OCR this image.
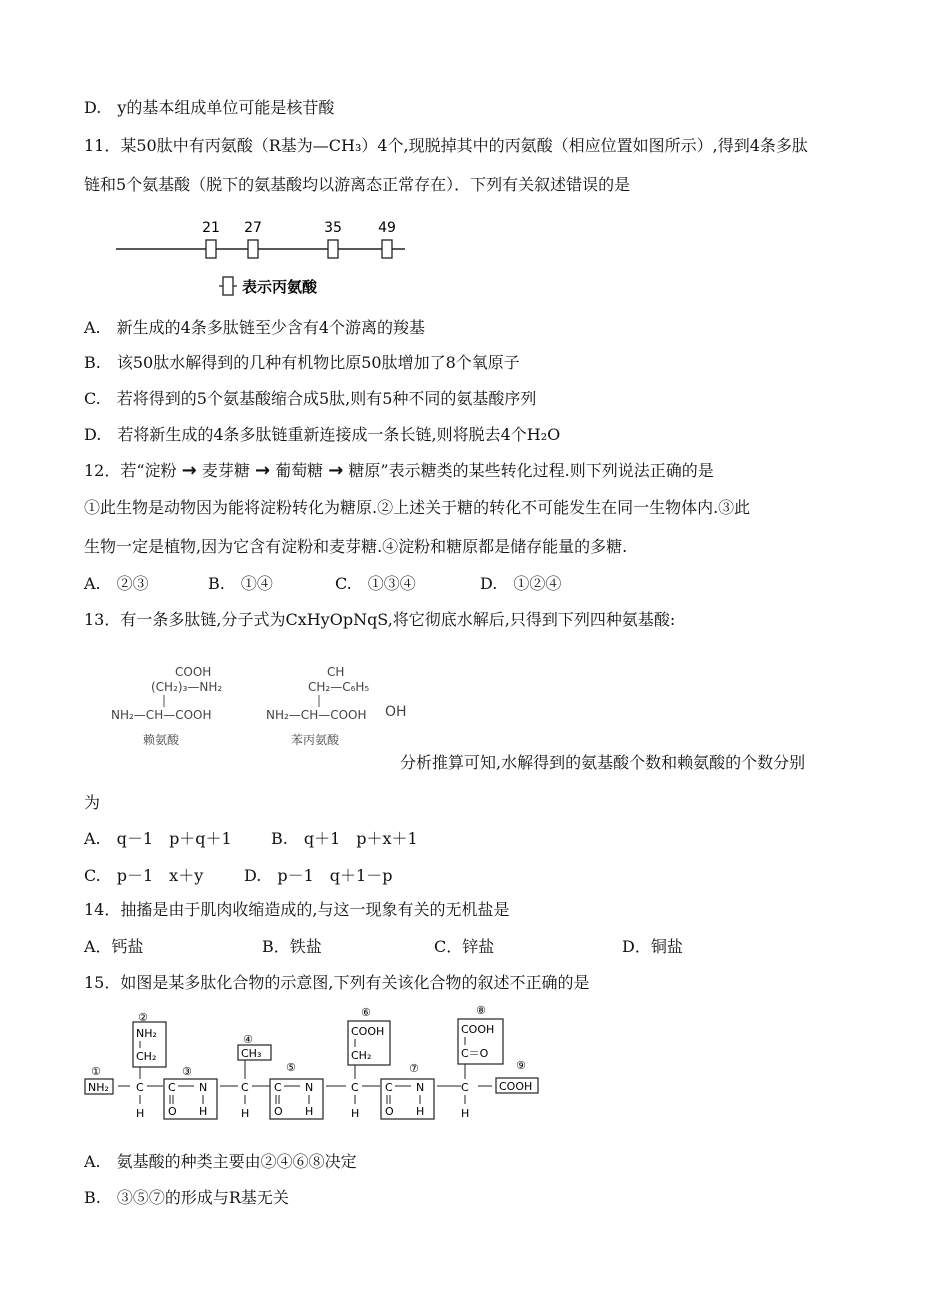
D.　y的基本组成单位可能是核苷酸
11．某50肽中有丙氨酸（R基为—CH₃）4个,现脱掉其中的丙氨酸（相应位置如图所示）,得到4条多肽
链和5个氨基酸（脱下的氨基酸均以游离态正常存在）．下列有关叙述错误的是
21 27	35	49
表示丙氨酸
A.　新生成的4条多肽链至少含有4个游离的羧基
B.　该50肽水解得到的几种有机物比原50肽增加了8个氧原子
C.　若将得到的5个氨基酸缩合成5肽,则有5种不同的氨基酸序列
D.　若将新生成的4条多肽链重新连接成一条长链,则将脱去4个H₂O
12．若“淀粉 → 麦芽糖 → 葡萄糖 → 糖原”表示糖类的某些转化过程.则下列说法正确的是
①此生物是动物因为能将淀粉转化为糖原.②上述关于糖的转化不可能发生在同一生物体内.③此
生物一定是植物,因为它含有淀粉和麦芽糖.④淀粉和糖原都是储存能量的多糖.
A.　②③	B.　①④	C.　①③④	D.　①②④
13．有一条多肽链,分子式为CxHyOpNqS,将它彻底水解后,只得到下列四种氨基酸:
COOH
(CH₂)₃—NH₂
NH₂—CH—COOH
赖氨酸
CH
CH₂—C₆H₅
NH₂—CH—COOH OH
苯丙氨酸
分析推算可知,水解得到的氨基酸个数和赖氨酸的个数分别
为
A.　q－1　p＋q＋1 B.　q＋1　p＋x＋1
C.　p－1　x＋y	D.　p－1　q＋1－p
14．抽搐是由于肌肉收缩造成的,与这一现象有关的无机盐是
A．钙盐	B．铁盐	C．锌盐	D．铜盐
15．如图是某多肽化合物的示意图,下列有关该化合物的叙述不正确的是
①
②
③
④
⑤
⑥
⑦
⑧
⑨
NH₂
NH₂
CH₂
C
H
C N
O H
CH₃
C
H
C N
O H
COOH
CH₂
C
H
C N
O H
COOH
C＝O
C
H
COOH
A.　氨基酸的种类主要由②④⑥⑧决定
B.　③⑤⑦的形成与R基无关
